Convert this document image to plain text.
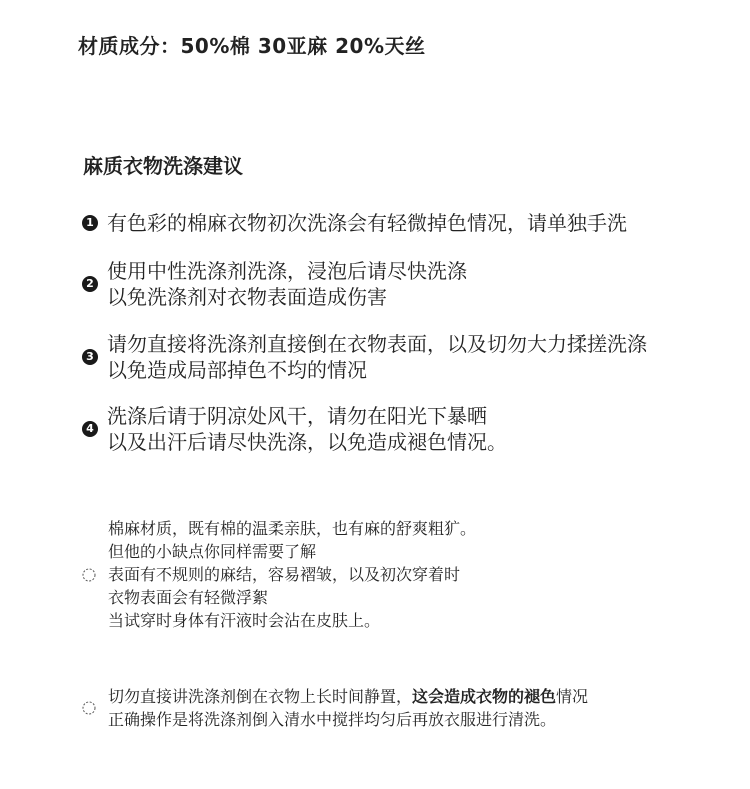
材质成分：50%棉 30亚麻 20%天丝
麻质衣物洗涤建议
1 有色彩的棉麻衣物初次洗涤会有轻微掉色情况，请单独手洗
2
使用中性洗涤剂洗涤，浸泡后请尽快洗涤
以免洗涤剂对衣物表面造成伤害
3
请勿直接将洗涤剂直接倒在衣物表面，以及切勿大力揉搓洗涤
以免造成局部掉色不均的情况
4
洗涤后请于阴凉处风干，请勿在阳光下暴晒
以及出汗后请尽快洗涤，以免造成褪色情况。
棉麻材质，既有棉的温柔亲肤，也有麻的舒爽粗犷。
但他的小缺点你同样需要了解
表面有不规则的麻结，容易褶皱，以及初次穿着时
衣物表面会有轻微浮絮
当试穿时身体有汗液时会沾在皮肤上。
切勿直接讲洗涤剂倒在衣物上长时间静置，这会造成衣物的褪色情况
正确操作是将洗涤剂倒入清水中搅拌均匀后再放衣服进行清洗。
